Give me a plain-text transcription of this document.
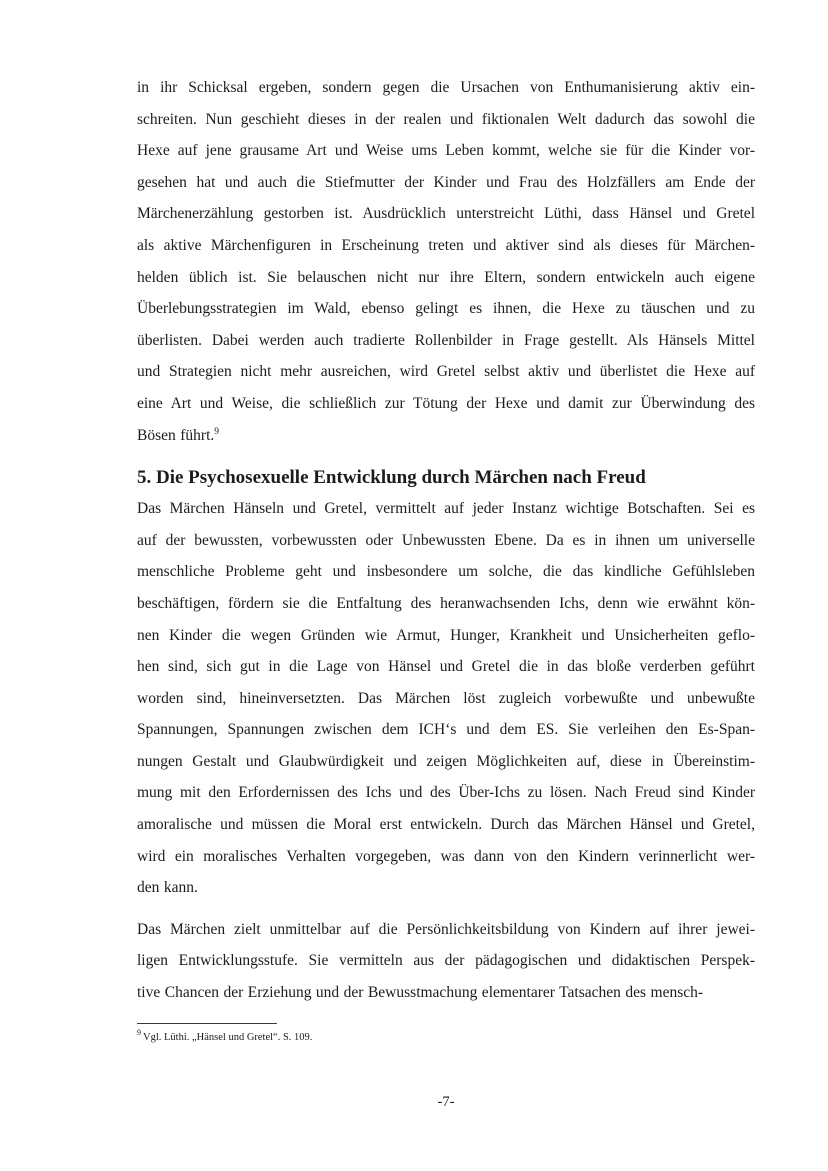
in ihr Schicksal ergeben, sondern gegen die Ursachen von Enthumanisierung aktiv ein-
schreiten. Nun geschieht dieses in der realen und fiktionalen Welt dadurch das sowohl die
Hexe auf jene grausame Art und Weise ums Leben kommt, welche sie für die Kinder vor-
gesehen hat und auch die Stiefmutter der Kinder und Frau des Holzfällers am Ende der
Märchenerzählung gestorben ist. Ausdrücklich unterstreicht Lüthi, dass Hänsel und Gretel
als aktive Märchenfiguren in Erscheinung treten und aktiver sind als dieses für Märchen-
helden üblich ist. Sie belauschen nicht nur ihre Eltern, sondern entwickeln auch eigene
Überlebungsstrategien im Wald, ebenso gelingt es ihnen, die Hexe zu täuschen und zu
überlisten. Dabei werden auch tradierte Rollenbilder in Frage gestellt. Als Hänsels Mittel
und Strategien nicht mehr ausreichen, wird Gretel selbst aktiv und überlistet die Hexe auf
eine Art und Weise, die schließlich zur Tötung der Hexe und damit zur Überwindung des
Bösen führt.$^9$
5. Die Psychosexuelle Entwicklung durch Märchen nach Freud
Das Märchen Hänseln und Gretel, vermittelt auf jeder Instanz wichtige Botschaften. Sei es
auf der bewussten, vorbewussten oder Unbewussten Ebene. Da es in ihnen um universelle
menschliche Probleme geht und insbesondere um solche, die das kindliche Gefühlsleben
beschäftigen, fördern sie die Entfaltung des heranwachsenden Ichs, denn wie erwähnt kön-
nen Kinder die wegen Gründen wie Armut, Hunger, Krankheit und Unsicherheiten geflo-
hen sind, sich gut in die Lage von Hänsel und Gretel die in das bloße verderben geführt
worden sind, hineinversetzten. Das Märchen löst zugleich vorbewußte und unbewußte
Spannungen, Spannungen zwischen dem ICH‘s und dem ES. Sie verleihen den Es-Span-
nungen Gestalt und Glaubwürdigkeit und zeigen Möglichkeiten auf, diese in Übereinstim-
mung mit den Erfordernissen des Ichs und des Über-Ichs zu lösen. Nach Freud sind Kinder
amoralische und müssen die Moral erst entwickeln. Durch das Märchen Hänsel und Gretel,
wird ein moralisches Verhalten vorgegeben, was dann von den Kindern verinnerlicht wer-
den kann.
Das Märchen zielt unmittelbar auf die Persönlichkeitsbildung von Kindern auf ihrer jewei-
ligen Entwicklungsstufe. Sie vermitteln aus der pädagogischen und didaktischen Perspek-
tive Chancen der Erziehung und der Bewusstmachung elementarer Tatsachen des mensch-
$^9$ Vgl. Lüthi. „Hänsel und Gretel“. S. 109.
-7-
